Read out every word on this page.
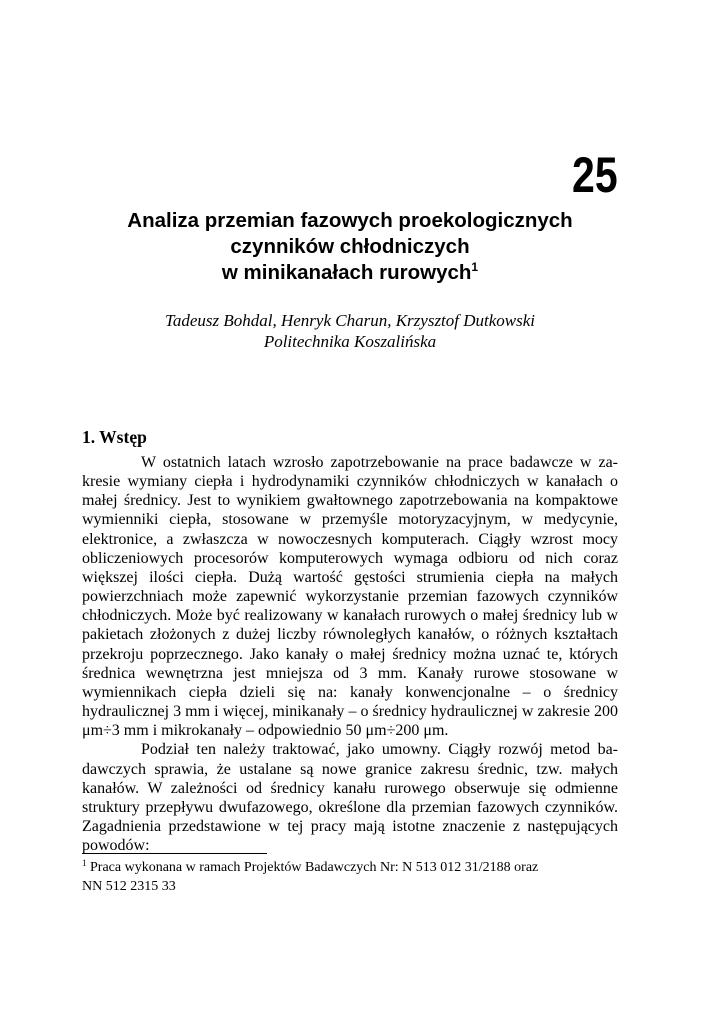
25
Analiza przemian fazowych proekologicznych
czynników chłodniczych
w minikanałach rurowych$^1$
Tadeusz Bohdal, Henryk Charun, Krzysztof Dutkowski
Politechnika Koszalińska
1. Wstęp

W ostatnich latach wzrosło zapotrzebowanie na prace badawcze w zakresie wymiany ciepła i hydrodynamiki czynników chłodniczych w kanałach o małej średnicy. Jest to wynikiem gwałtownego zapotrzebowania na kompaktowe wymienniki ciepła, stosowane w przemyśle motoryzacyjnym, w medycynie, elektronice, a zwłaszcza w nowoczesnych komputerach. Ciągły wzrost mocy obliczeniowych procesorów komputerowych wymaga odbioru od nich coraz większej ilości ciepła. Dużą wartość gęstości strumienia ciepła na małych powierzchniach może zapewnić wykorzystanie przemian fazowych czynników chłodniczych. Może być realizowany w kanałach rurowych o małej średnicy lub w pakietach złożonych z dużej liczby równoległych kanałów, o różnych kształtach przekroju poprzecznego. Jako kanały o małej średnicy można uznać te, których średnica wewnętrzna jest mniejsza od 3 mm. Kanały rurowe stosowane w wymiennikach ciepła dzieli się na: kanały konwencjonalne – o średnicy hydraulicznej 3 mm i więcej, minikanały – o średnicy hydraulicznej w zakresie 200 μm÷3 mm i mikrokanały – odpowiednio 50 μm÷200 μm.

Podział ten należy traktować, jako umowny. Ciągły rozwój metod badawczych sprawia, że ustalane są nowe granice zakresu średnic, tzw. małych kanałów. W zależności od średnicy kanału rurowego obserwuje się odmienne struktury przepływu dwufazowego, określone dla przemian fazowych czynników. Zagadnienia przedstawione w tej pracy mają istotne znaczenie z następujących powodów:

$^1$ Praca wykonana w ramach Projektów Badawczych Nr: N 513 012 31/2188 oraz
NN 512 2315 33
